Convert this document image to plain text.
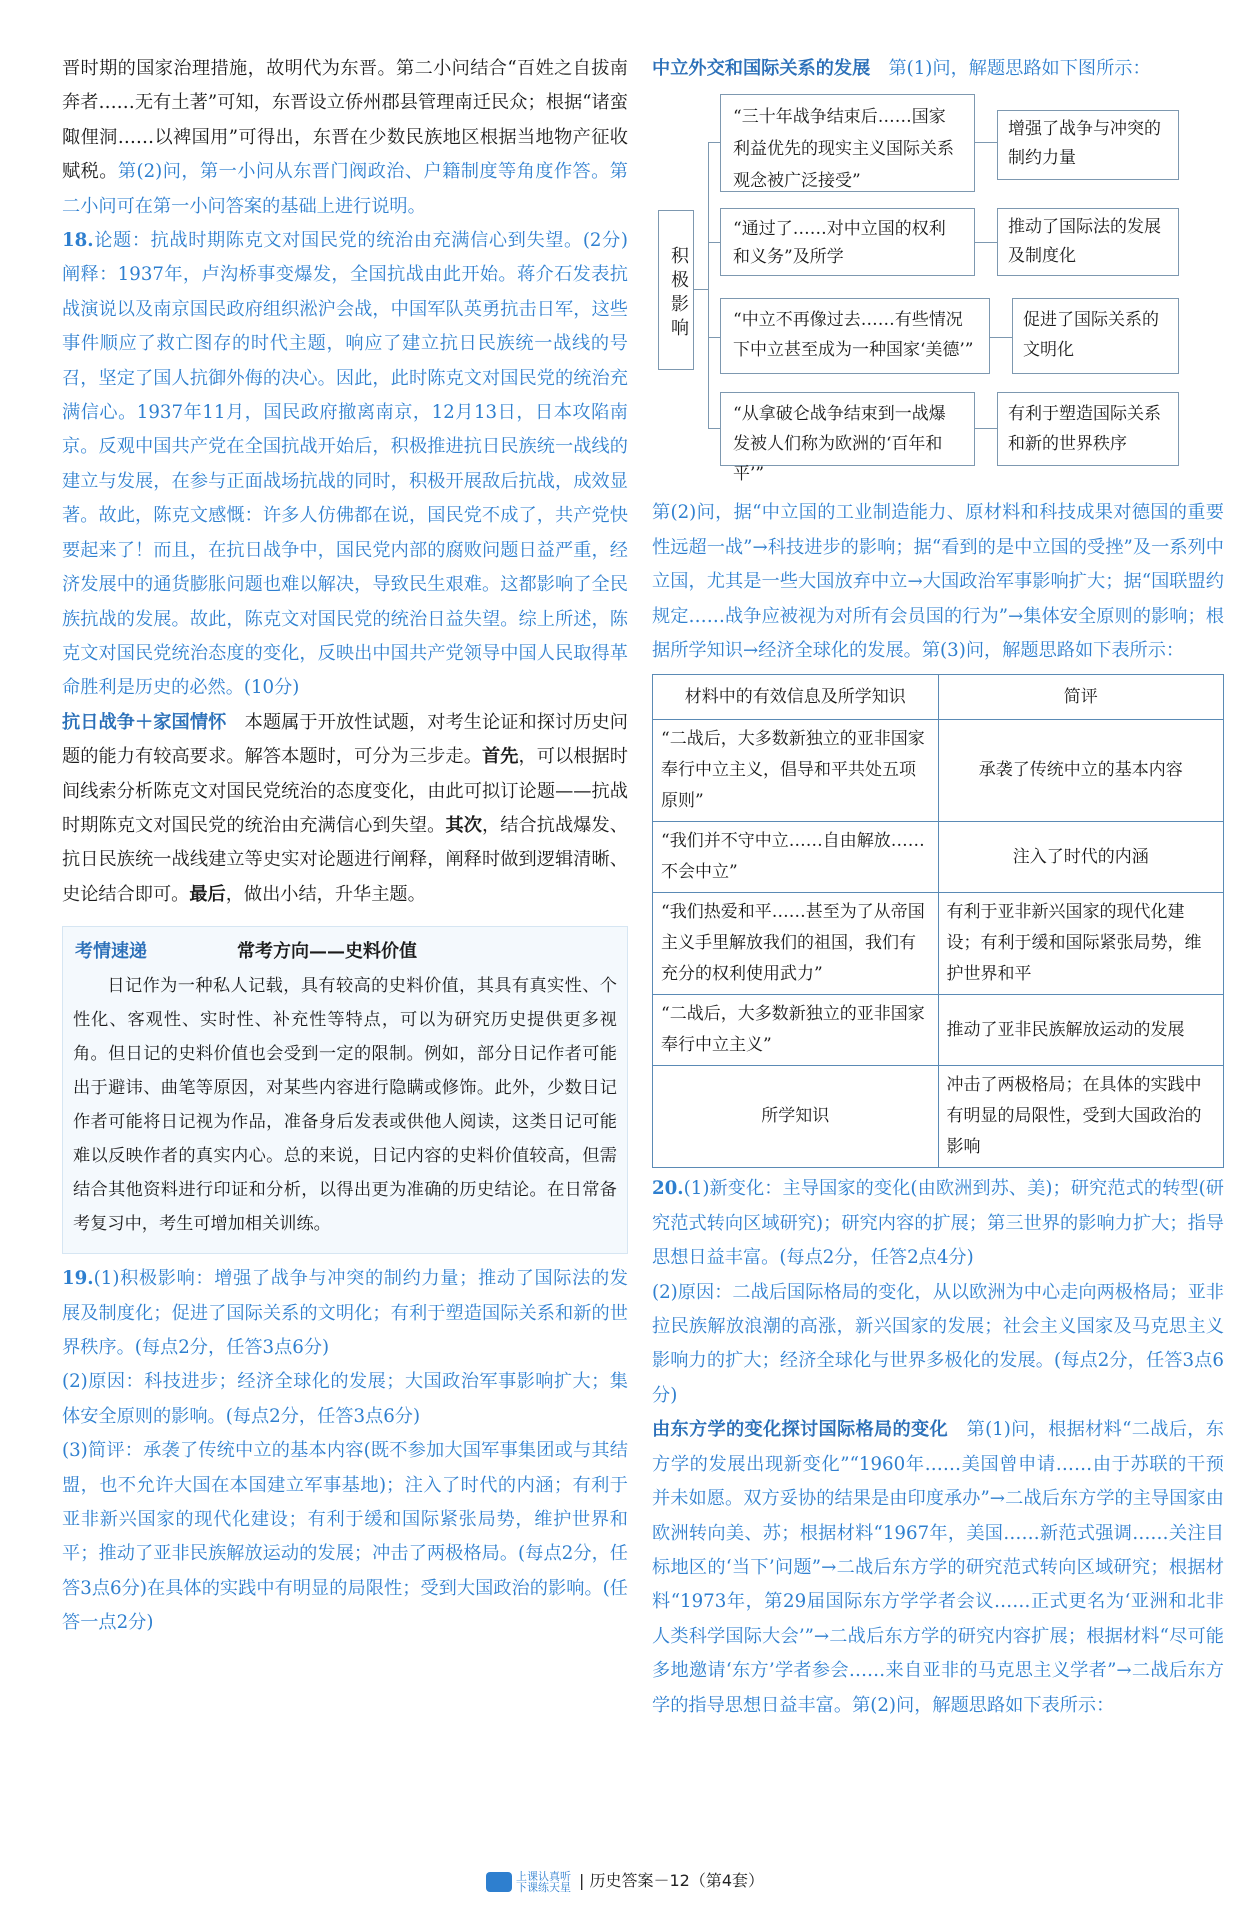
晋时期的国家治理措施，故明代为东晋。第二小问结合“百姓之自拔南奔者……无有土著”可知，东晋设立侨州郡县管理南迁民众；根据“诸蛮陬俚洞……以裨国用”可得出，东晋在少数民族地区根据当地物产征收赋税。第(2)问，第一小问从东晋门阀政治、户籍制度等角度作答。第二小问可在第一小问答案的基础上进行说明。

18.论题：抗战时期陈克文对国民党的统治由充满信心到失望。(2分)阐释：1937年，卢沟桥事变爆发，全国抗战由此开始。蒋介石发表抗战演说以及南京国民政府组织淞沪会战，中国军队英勇抗击日军，这些事件顺应了救亡图存的时代主题，响应了建立抗日民族统一战线的号召，坚定了国人抗御外侮的决心。因此，此时陈克文对国民党的统治充满信心。1937年11月，国民政府撤离南京，12月13日，日本攻陷南京。反观中国共产党在全国抗战开始后，积极推进抗日民族统一战线的建立与发展，在参与正面战场抗战的同时，积极开展敌后抗战，成效显著。故此，陈克文感慨：许多人仿佛都在说，国民党不成了，共产党快要起来了！而且，在抗日战争中，国民党内部的腐败问题日益严重，经济发展中的通货膨胀问题也难以解决，导致民生艰难。这都影响了全民族抗战的发展。故此，陈克文对国民党的统治日益失望。综上所述，陈克文对国民党统治态度的变化，反映出中国共产党领导中国人民取得革命胜利是历史的必然。(10分)

抗日战争＋家国情怀  本题属于开放性试题，对考生论证和探讨历史问题的能力有较高要求。解答本题时，可分为三步走。首先，可以根据时间线索分析陈克文对国民党统治的态度变化，由此可拟订论题——抗战时期陈克文对国民党的统治由充满信心到失望。其次，结合抗战爆发、抗日民族统一战线建立等史实对论题进行阐释，阐释时做到逻辑清晰、史论结合即可。最后，做出小结，升华主题。

考情速递	常考方向——史料价值

日记作为一种私人记载，具有较高的史料价值，其具有真实性、个性化、客观性、实时性、补充性等特点，可以为研究历史提供更多视角。但日记的史料价值也会受到一定的限制。例如，部分日记作者可能出于避讳、曲笔等原因，对某些内容进行隐瞒或修饰。此外，少数日记作者可能将日记视为作品，准备身后发表或供他人阅读，这类日记可能难以反映作者的真实内心。总的来说，日记内容的史料价值较高，但需结合其他资料进行印证和分析，以得出更为准确的历史结论。在日常备考复习中，考生可增加相关训练。

19.(1)积极影响：增强了战争与冲突的制约力量；推动了国际法的发展及制度化；促进了国际关系的文明化；有利于塑造国际关系和新的世界秩序。(每点2分，任答3点6分)

(2)原因：科技进步；经济全球化的发展；大国政治军事影响扩大；集体安全原则的影响。(每点2分，任答3点6分)

(3)简评：承袭了传统中立的基本内容(既不参加大国军事集团或与其结盟，也不允许大国在本国建立军事基地)；注入了时代的内涵；有利于亚非新兴国家的现代化建设；有利于缓和国际紧张局势，维护世界和平；推动了亚非民族解放运动的发展；冲击了两极格局。(每点2分，任答3点6分)在具体的实践中有明显的局限性；受到大国政治的影响。(任答一点2分)

中立外交和国际关系的发展  第(1)问，解题思路如下图所示：

积极影响
“三十年战争结束后……国家利益优先的现实主义国际关系观念被广泛接受”
增强了战争与冲突的制约力量
“通过了……对中立国的权利和义务”及所学
推动了国际法的发展及制度化
“中立不再像过去……有些情况下中立甚至成为一种国家‘美德’”
促进了国际关系的文明化
“从拿破仑战争结束到一战爆发被人们称为欧洲的‘百年和平’”
有利于塑造国际关系和新的世界秩序

第(2)问，据“中立国的工业制造能力、原材料和科技成果对德国的重要性远超一战”→科技进步的影响；据“看到的是中立国的受挫”及一系列中立国，尤其是一些大国放弃中立→大国政治军事影响扩大；据“国联盟约规定……战争应被视为对所有会员国的行为”→集体安全原则的影响；根据所学知识→经济全球化的发展。第(3)问，解题思路如下表所示：

材料中的有效信息及所学知识	简评
“二战后，大多数新独立的亚非国家奉行中立主义，倡导和平共处五项原则”	承袭了传统中立的基本内容
“我们并不守中立……自由解放……不会中立”	注入了时代的内涵
“我们热爱和平……甚至为了从帝国主义手里解放我们的祖国，我们有充分的权利使用武力”	有利于亚非新兴国家的现代化建设；有利于缓和国际紧张局势，维护世界和平
“二战后，大多数新独立的亚非国家奉行中立主义”	推动了亚非民族解放运动的发展
所学知识	冲击了两极格局；在具体的实践中有明显的局限性，受到大国政治的影响

20.(1)新变化：主导国家的变化(由欧洲到苏、美)；研究范式的转型(研究范式转向区域研究)；研究内容的扩展；第三世界的影响力扩大；指导思想日益丰富。(每点2分，任答2点4分)

(2)原因：二战后国际格局的变化，从以欧洲为中心走向两极格局；亚非拉民族解放浪潮的高涨，新兴国家的发展；社会主义国家及马克思主义影响力的扩大；经济全球化与世界多极化的发展。(每点2分，任答3点6分)

由东方学的变化探讨国际格局的变化  第(1)问，根据材料“二战后，东方学的发展出现新变化”“1960年……美国曾申请……由于苏联的干预并未如愿。双方妥协的结果是由印度承办”→二战后东方学的主导国家由欧洲转向美、苏；根据材料“1967年，美国……新范式强调……关注目标地区的‘当下’问题”→二战后东方学的研究范式转向区域研究；根据材料“1973年，第29届国际东方学学者会议……正式更名为‘亚洲和北非人类科学国际大会’”→二战后东方学的研究内容扩展；根据材料“尽可能多地邀请‘东方’学者参会……来自亚非的马克思主义学者”→二战后东方学的指导思想日益丰富。第(2)问，解题思路如下表所示：

上课认真听
下课练天星 | 历史答案－12（第4套）
